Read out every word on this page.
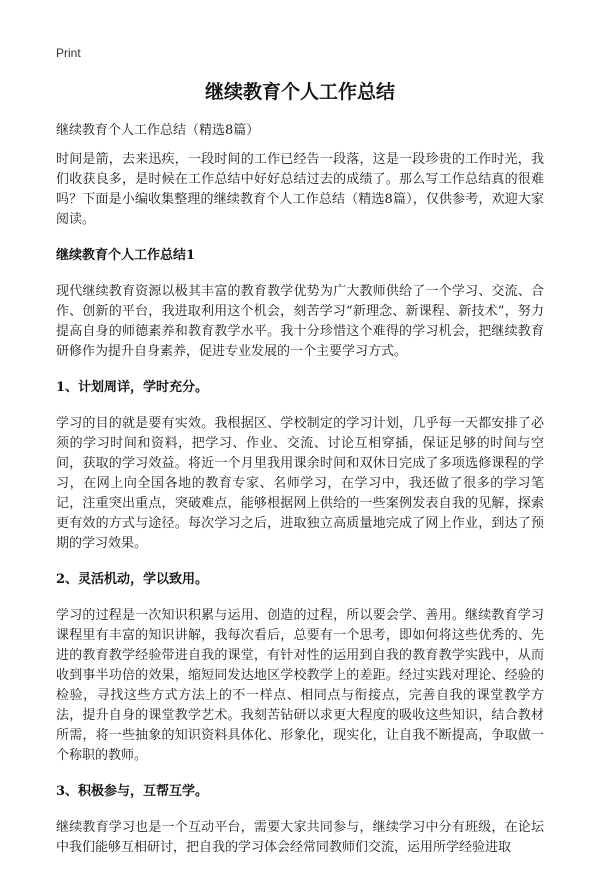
Print
继续教育个人工作总结

继续教育个人工作总结（精选8篇）

时间是箭，去来迅疾，一段时间的工作已经告一段落，这是一段珍贵的工作时光，我们收获良多，是时候在工作总结中好好总结过去的成绩了。那么写工作总结真的很难吗？下面是小编收集整理的继续教育个人工作总结（精选8篇），仅供参考，欢迎大家阅读。

继续教育个人工作总结1

现代继续教育资源以极其丰富的教育教学优势为广大教师供给了一个学习、交流、合作、创新的平台，我进取利用这个机会，刻苦学习“新理念、新课程、新技术”，努力提高自身的师德素养和教育教学水平。我十分珍惜这个难得的学习机会，把继续教育研修作为提升自身素养，促进专业发展的一个主要学习方式。

1、计划周详，学时充分。

学习的目的就是要有实效。我根据区、学校制定的学习计划，几乎每一天都安排了必须的学习时间和资料，把学习、作业、交流、讨论互相穿插，保证足够的时间与空间，获取的学习效益。将近一个月里我用课余时间和双休日完成了多项选修课程的学习，在网上向全国各地的教育专家、名师学习，在学习中，我还做了很多的学习笔记，注重突出重点，突破难点，能够根据网上供给的一些案例发表自我的见解，探索更有效的方式与途径。每次学习之后，进取独立高质量地完成了网上作业，到达了预期的学习效果。

2、灵活机动，学以致用。

学习的过程是一次知识积累与运用、创造的过程，所以要会学、善用。继续教育学习课程里有丰富的知识讲解，我每次看后，总要有一个思考，即如何将这些优秀的、先进的教育教学经验带进自我的课堂，有针对性的运用到自我的教育教学实践中，从而收到事半功倍的效果，缩短同发达地区学校教学上的差距。经过实践对理论、经验的检验，寻找这些方式方法上的不一样点、相同点与衔接点，完善自我的课堂教学方法，提升自身的课堂教学艺术。我刻苦钻研以求更大程度的吸收这些知识，结合教材所需，将一些抽象的知识资料具体化、形象化，现实化，让自我不断提高，争取做一个称职的教师。

3、积极参与，互帮互学。

继续教育学习也是一个互动平台，需要大家共同参与，继续学习中分有班级，在论坛中我们能够互相研讨，把自我的学习体会经常同教师们交流，运用所学经验进取
